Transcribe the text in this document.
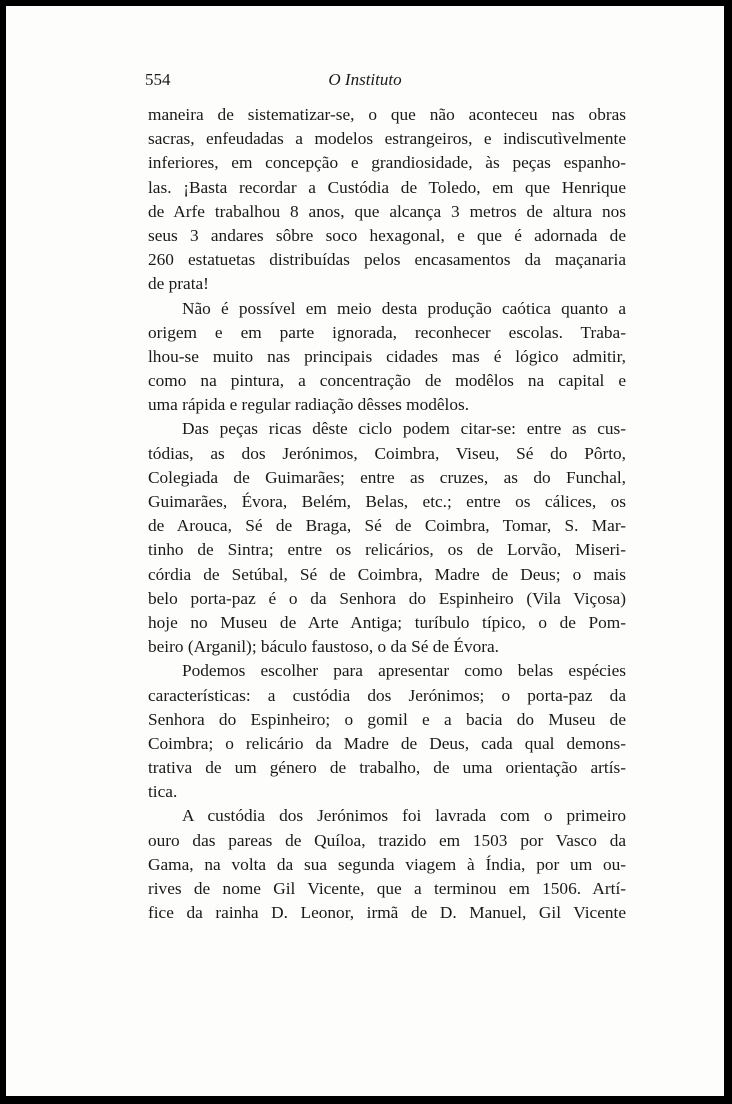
554	O Instituto
maneira de sistematizar-se, o que não aconteceu nas obras
sacras, enfeudadas a modelos estrangeiros, e indiscutìvelmente
inferiores, em concepção e grandiosidade, às peças espanho-
las. ¡Basta recordar a Custódia de Toledo, em que Henrique
de Arfe trabalhou 8 anos, que alcança 3 metros de altura nos
seus 3 andares sôbre soco hexagonal, e que é adornada de
260 estatuetas distribuídas pelos encasamentos da maçanaria
de prata!
Não é possível em meio desta produção caótica quanto a
origem e em parte ignorada, reconhecer escolas. Traba-
lhou-se muito nas principais cidades mas é lógico admitir,
como na pintura, a concentração de modêlos na capital e
uma rápida e regular radiação dêsses modêlos.
Das peças ricas dêste ciclo podem citar-se: entre as cus-
tódias, as dos Jerónimos, Coimbra, Viseu, Sé do Pôrto,
Colegiada de Guimarães; entre as cruzes, as do Funchal,
Guimarães, Évora, Belém, Belas, etc.; entre os cálices, os
de Arouca, Sé de Braga, Sé de Coimbra, Tomar, S. Mar-
tinho de Sintra; entre os relicários, os de Lorvão, Miseri-
córdia de Setúbal, Sé de Coimbra, Madre de Deus; o mais
belo porta-paz é o da Senhora do Espinheiro (Vila Viçosa)
hoje no Museu de Arte Antiga; turíbulo típico, o de Pom-
beiro (Arganil); báculo faustoso, o da Sé de Évora.
Podemos escolher para apresentar como belas espécies
características: a custódia dos Jerónimos; o porta-paz da
Senhora do Espinheiro; o gomil e a bacia do Museu de
Coimbra; o relicário da Madre de Deus, cada qual demons-
trativa de um género de trabalho, de uma orientação artís-
tica.
A custódia dos Jerónimos foi lavrada com o primeiro
ouro das pareas de Quíloa, trazido em 1503 por Vasco da
Gama, na volta da sua segunda viagem à Índia, por um ou-
rives de nome Gil Vicente, que a terminou em 1506. Artí-
fice da rainha D. Leonor, irmã de D. Manuel, Gil Vicente
